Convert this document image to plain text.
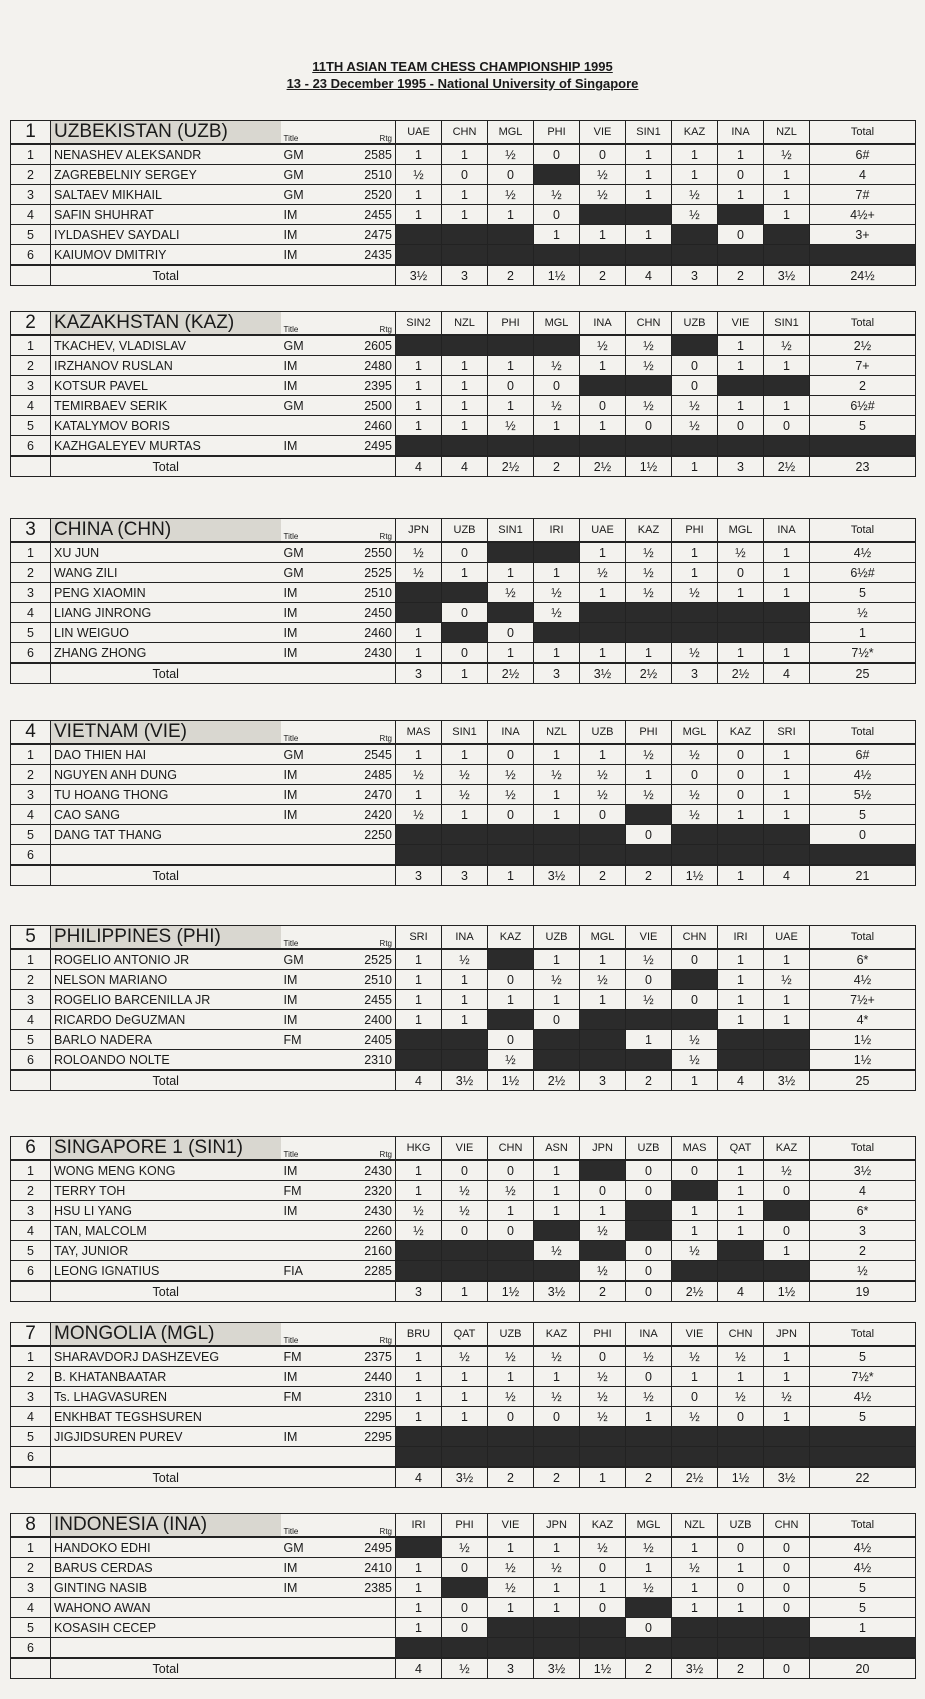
11TH ASIAN TEAM CHESS CHAMPIONSHIP 1995
13 - 23 December 1995 - National University of Singapore
1	UZBEKISTAN (UZB)	Title	Rtg	UAE	CHN	MGL	PHI	VIE	SIN1	KAZ	INA	NZL	Total
1	NENASHEV ALEKSANDR	GM	2585	1	1	½	0	0	1	1	1	½	6#
2	ZAGREBELNIY SERGEY	GM	2510	½	0	0		½	1	1	0	1	4
3	SALTAEV MIKHAIL	GM	2520	1	1	½	½	½	1	½	1	1	7#
4	SAFIN SHUHRAT	IM	2455	1	1	1	0			½		1	4½+
5	IYLDASHEV SAYDALI	IM	2475				1	1	1		0		3+
6	KAIUMOV DMITRIY	IM	2435										
	Total			3½	3	2	1½	2	4	3	2	3½	24½
2	KAZAKHSTAN (KAZ)	Title	Rtg	SIN2	NZL	PHI	MGL	INA	CHN	UZB	VIE	SIN1	Total
1	TKACHEV, VLADISLAV	GM	2605					½	½		1	½	2½
2	IRZHANOV RUSLAN	IM	2480	1	1	1	½	1	½	0	1	1	7+
3	KOTSUR PAVEL	IM	2395	1	1	0	0			0			2
4	TEMIRBAEV SERIK	GM	2500	1	1	1	½	0	½	½	1	1	6½#
5	KATALYMOV BORIS		2460	1	1	½	1	1	0	½	0	0	5
6	KAZHGALEYEV MURTAS	IM	2495										
	Total			4	4	2½	2	2½	1½	1	3	2½	23
3	CHINA (CHN)	Title	Rtg	JPN	UZB	SIN1	IRI	UAE	KAZ	PHI	MGL	INA	Total
1	XU JUN	GM	2550	½	0			1	½	1	½	1	4½
2	WANG ZILI	GM	2525	½	1	1	1	½	½	1	0	1	6½#
3	PENG XIAOMIN	IM	2510			½	½	1	½	½	1	1	5
4	LIANG JINRONG	IM	2450		0		½						½
5	LIN WEIGUO	IM	2460	1		0							1
6	ZHANG ZHONG	IM	2430	1	0	1	1	1	1	½	1	1	7½*
	Total			3	1	2½	3	3½	2½	3	2½	4	25
4	VIETNAM (VIE)	Title	Rtg	MAS	SIN1	INA	NZL	UZB	PHI	MGL	KAZ	SRI	Total
1	DAO THIEN HAI	GM	2545	1	1	0	1	1	½	½	0	1	6#
2	NGUYEN ANH DUNG	IM	2485	½	½	½	½	½	1	0	0	1	4½
3	TU HOANG THONG	IM	2470	1	½	½	1	½	½	½	0	1	5½
4	CAO SANG	IM	2420	½	1	0	1	0		½	1	1	5
5	DANG TAT THANG		2250						0				0
6													
	Total			3	3	1	3½	2	2	1½	1	4	21
5	PHILIPPINES (PHI)	Title	Rtg	SRI	INA	KAZ	UZB	MGL	VIE	CHN	IRI	UAE	Total
1	ROGELIO ANTONIO JR	GM	2525	1	½		1	1	½	0	1	1	6*
2	NELSON MARIANO	IM	2510	1	1	0	½	½	0		1	½	4½
3	ROGELIO BARCENILLA JR	IM	2455	1	1	1	1	1	½	0	1	1	7½+
4	RICARDO DeGUZMAN	IM	2400	1	1		0				1	1	4*
5	BARLO NADERA	FM	2405			0			1	½			1½
6	ROLOANDO NOLTE		2310			½				½			1½
	Total			4	3½	1½	2½	3	2	1	4	3½	25
6	SINGAPORE 1 (SIN1)	Title	Rtg	HKG	VIE	CHN	ASN	JPN	UZB	MAS	QAT	KAZ	Total
1	WONG MENG KONG	IM	2430	1	0	0	1		0	0	1	½	3½
2	TERRY TOH	FM	2320	1	½	½	1	0	0		1	0	4
3	HSU LI YANG	IM	2430	½	½	1	1	1		1	1		6*
4	TAN, MALCOLM		2260	½	0	0		½		1	1	0	3
5	TAY, JUNIOR		2160				½		0	½		1	2
6	LEONG IGNATIUS	FIA	2285					½	0				½
	Total			3	1	1½	3½	2	0	2½	4	1½	19
7	MONGOLIA (MGL)	Title	Rtg	BRU	QAT	UZB	KAZ	PHI	INA	VIE	CHN	JPN	Total
1	SHARAVDORJ DASHZEVEG	FM	2375	1	½	½	½	0	½	½	½	1	5
2	B. KHATANBAATAR	IM	2440	1	1	1	1	½	0	1	1	1	7½*
3	Ts. LHAGVASUREN	FM	2310	1	1	½	½	½	½	0	½	½	4½
4	ENKHBAT TEGSHSUREN		2295	1	1	0	0	½	1	½	0	1	5
5	JIGJIDSUREN PUREV	IM	2295										
6													
	Total			4	3½	2	2	1	2	2½	1½	3½	22
8	INDONESIA (INA)	Title	Rtg	IRI	PHI	VIE	JPN	KAZ	MGL	NZL	UZB	CHN	Total
1	HANDOKO EDHI	GM	2495		½	1	1	½	½	1	0	0	4½
2	BARUS CERDAS	IM	2410	1	0	½	½	0	1	½	1	0	4½
3	GINTING NASIB	IM	2385	1		½	1	1	½	1	0	0	5
4	WAHONO AWAN			1	0	1	1	0		1	1	0	5
5	KOSASIH CECEP			1	0				0				1
6													
	Total			4	½	3	3½	1½	2	3½	2	0	20
